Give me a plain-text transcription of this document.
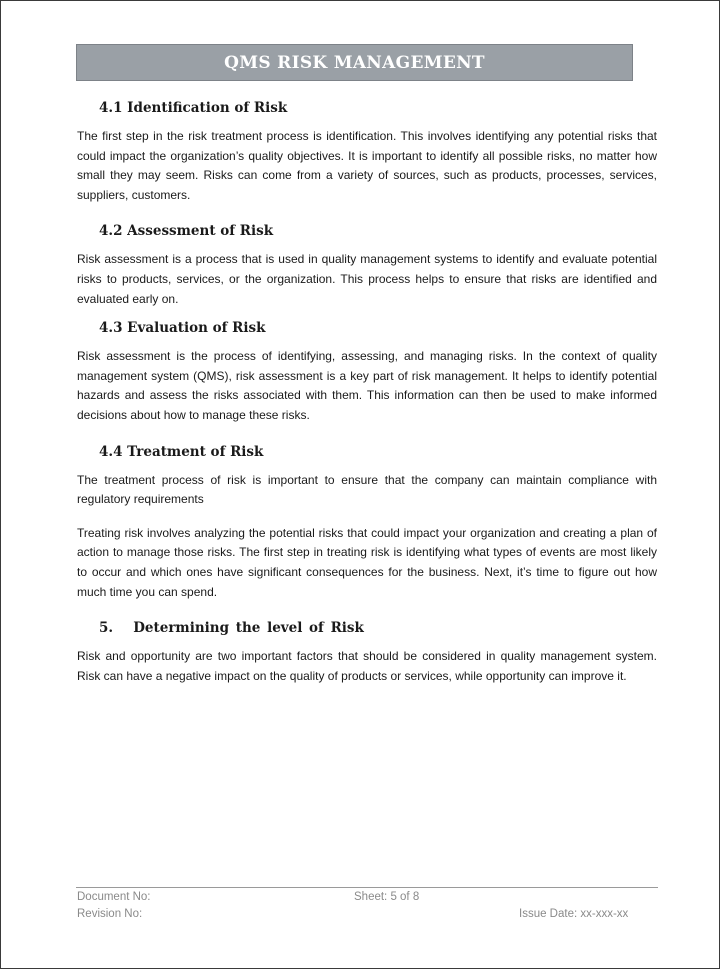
QMS RISK MANAGEMENT
4.1 Identification of Risk

The first step in the risk treatment process is identification. This involves identifying any potential risks that could impact the organization’s quality objectives. It is important to identify all possible risks, no matter how small they may seem. Risks can come from a variety of sources, such as products, processes, services, suppliers, customers.

4.2 Assessment of Risk

Risk assessment is a process that is used in quality management systems to identify and evaluate potential risks to products, services, or the organization. This process helps to ensure that risks are identified and evaluated early on.

4.3 Evaluation of Risk

Risk assessment is the process of identifying, assessing, and managing risks. In the context of quality management system (QMS), risk assessment is a key part of risk management. It helps to identify potential hazards and assess the risks associated with them. This information can then be used to make informed decisions about how to manage these risks.

4.4 Treatment of Risk

The treatment process of risk is important to ensure that the company can maintain compliance with regulatory requirements

Treating risk involves analyzing the potential risks that could impact your organization and creating a plan of action to manage those risks. The first step in treating risk is identifying what types of events are most likely to occur and which ones have significant consequences for the business. Next, it’s time to figure out how much time you can spend.

5.   Determining the level of Risk

Risk and opportunity are two important factors that should be considered in quality management system. Risk can have a negative impact on the quality of products or services, while opportunity can improve it.

Document No:	Sheet: 5 of 8
Revision No:	Issue Date: xx-xxx-xx
